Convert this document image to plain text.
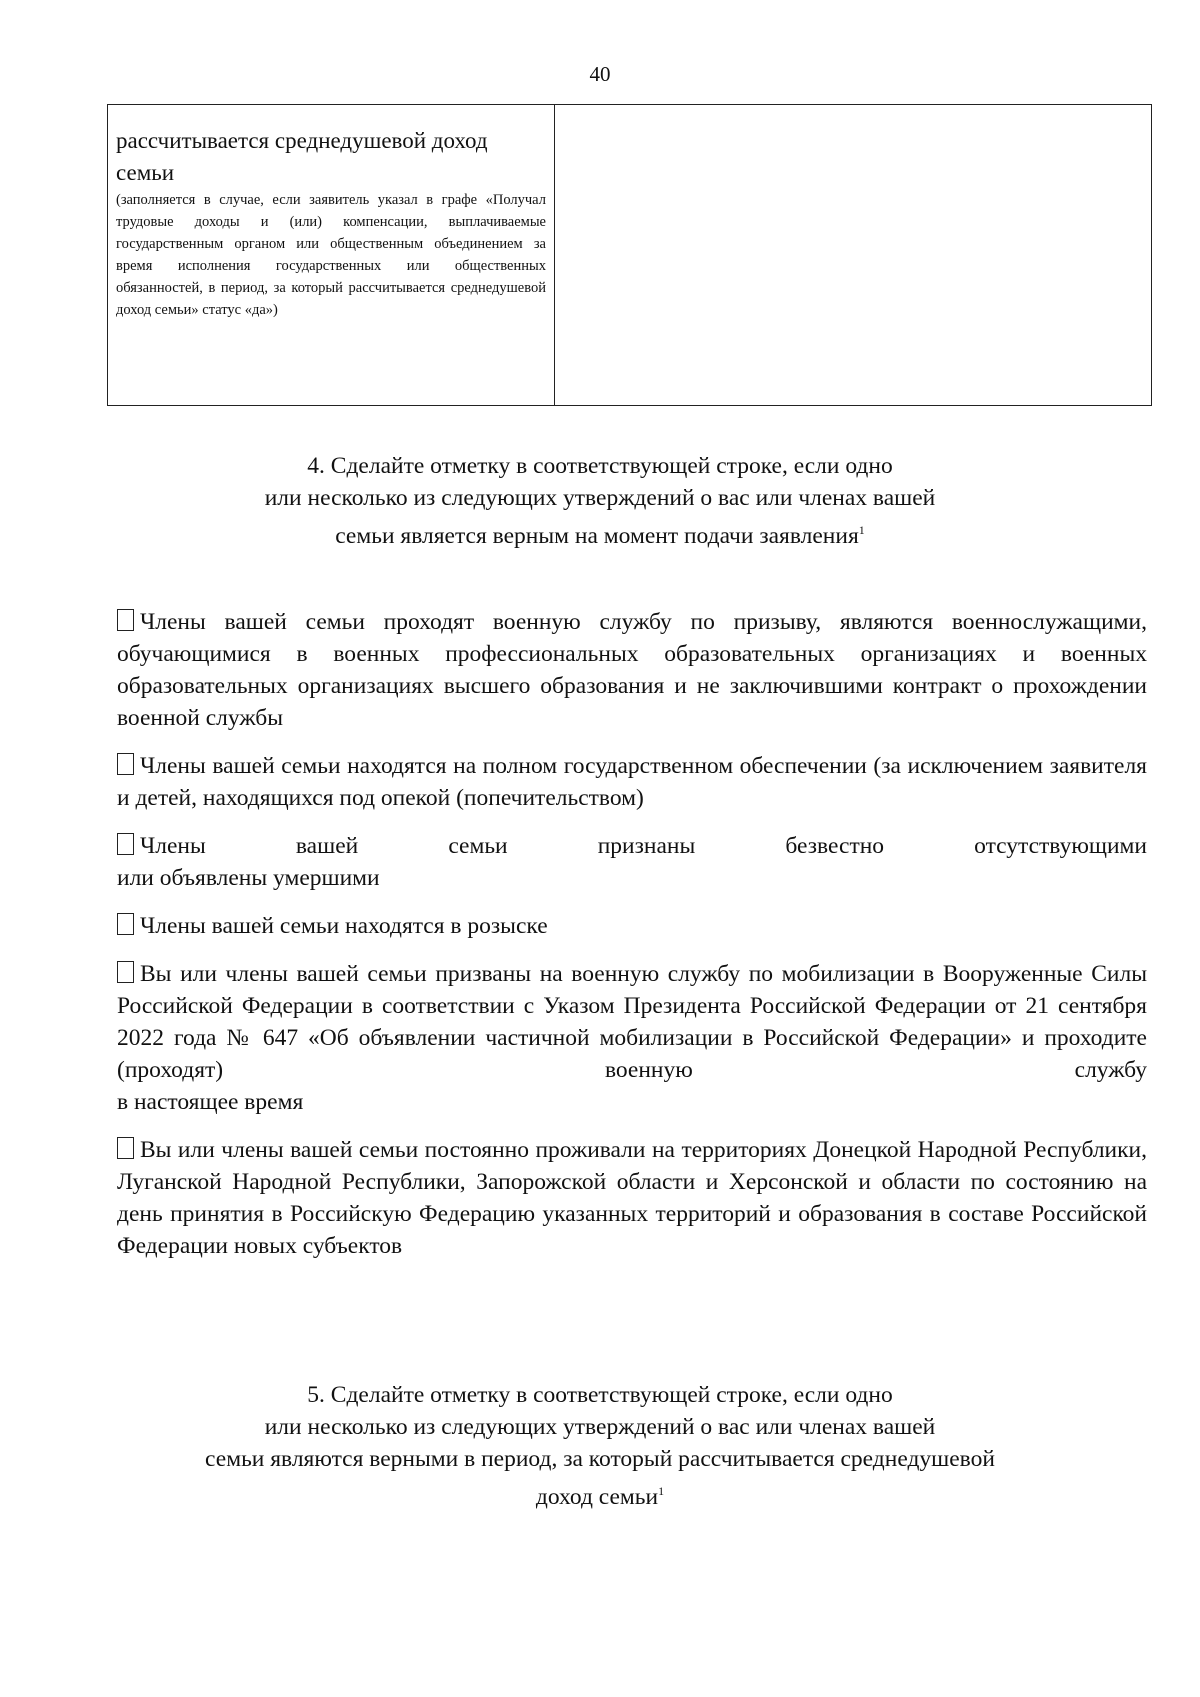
40

рассчитывается среднедушевой доход семьи

(заполняется в случае, если заявитель указал в графе «Получал трудовые доходы и (или) компенсации, выплачиваемые государственным органом или общественным объединением за время исполнения государственных или общественных обязанностей, в период, за который рассчитывается среднедушевой доход семьи» статус «да»)

4. Сделайте отметку в соответствующей строке, если одно
или несколько из следующих утверждений о вас или членах вашей
семьи является верным на момент подачи заявления$^1$

Члены вашей семьи проходят военную службу по призыву, являются военнослужащими, обучающимися в военных профессиональных образовательных организациях и военных образовательных организациях высшего образования и не заключившими контракт о прохождении военной службы

Члены вашей семьи находятся на полном государственном обеспечении (за исключением заявителя и детей, находящихся под опекой (попечительством)

Члены вашей семьи признаны безвестно отсутствующими
или объявлены умершими

Члены вашей семьи находятся в розыске

Вы или члены вашей семьи призваны на военную службу по мобилизации в Вооруженные Силы Российской Федерации в соответствии с Указом Президента Российской Федерации от 21 сентября 2022 года № 647 «Об объявлении частичной мобилизации в Российской Федерации» и проходите (проходят) военную службу
в настоящее время

Вы или члены вашей семьи постоянно проживали на территориях Донецкой Народной Республики, Луганской Народной Республики, Запорожской области и Херсонской и области по состоянию на день принятия в Российскую Федерацию указанных территорий и образования в составе Российской Федерации новых субъектов

5. Сделайте отметку в соответствующей строке, если одно
или несколько из следующих утверждений о вас или членах вашей
семьи являются верными в период, за который рассчитывается среднедушевой
доход семьи$^1$
